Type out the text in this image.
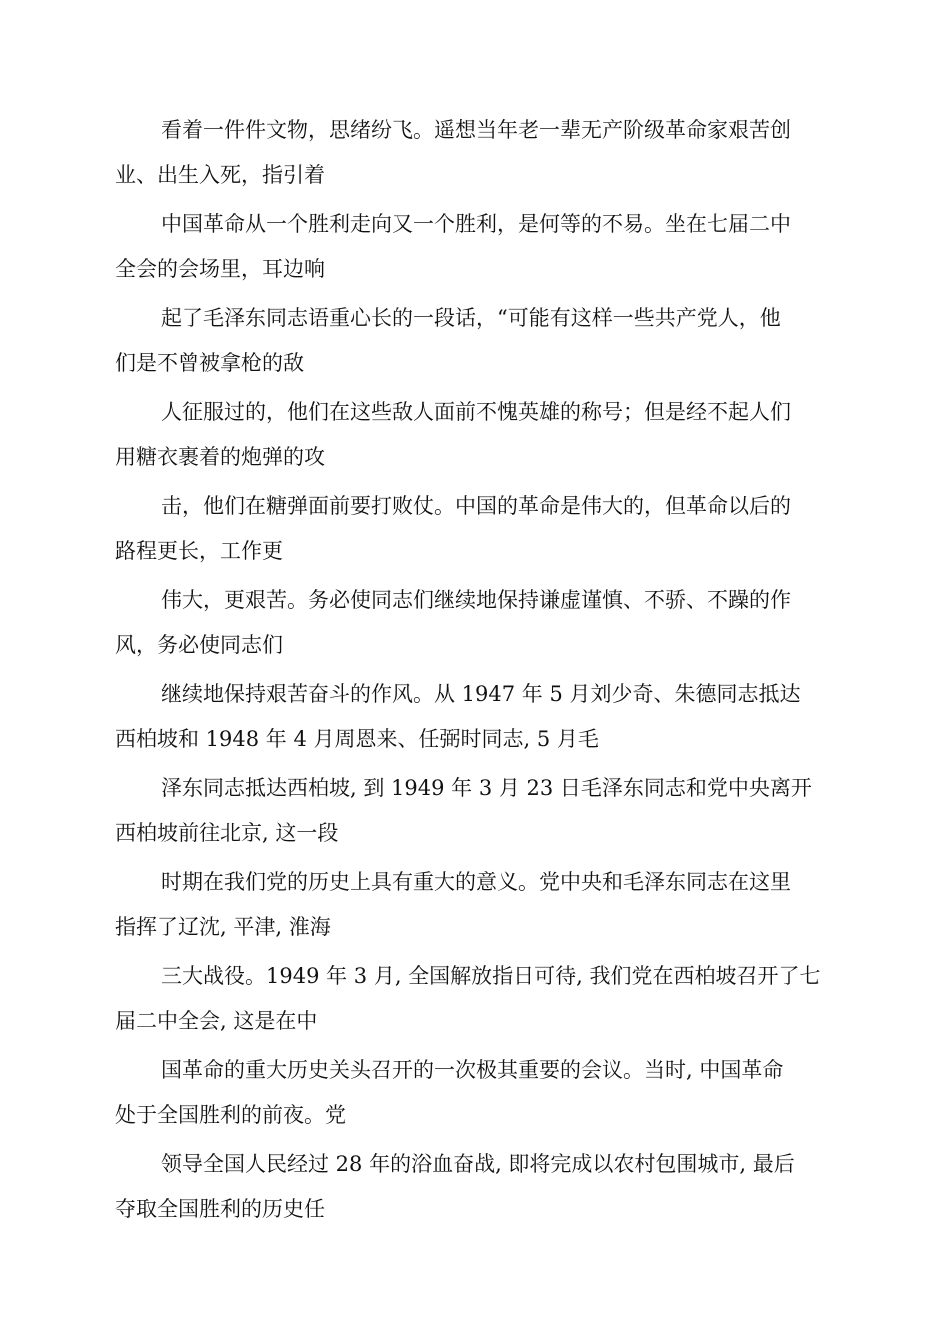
看着一件件文物，思绪纷飞。遥想当年老一辈无产阶级革命家艰苦创
业、出生入死，指引着

中国革命从一个胜利走向又一个胜利，是何等的不易。坐在七届二中
全会的会场里，耳边响

起了毛泽东同志语重心长的一段话，“可能有这样一些共产党人，他
们是不曾被拿枪的敌

人征服过的，他们在这些敌人面前不愧英雄的称号；但是经不起人们
用糖衣裹着的炮弹的攻

击，他们在糖弹面前要打败仗。中国的革命是伟大的，但革命以后的
路程更长，工作更

伟大，更艰苦。务必使同志们继续地保持谦虚谨慎、不骄、不躁的作
风，务必使同志们

继续地保持艰苦奋斗的作风。从 1947 年 5 月刘少奇、朱德同志抵达
西柏坡和 1948 年 4 月周恩来、任弼时同志, 5 月毛

泽东同志抵达西柏坡, 到 1949 年 3 月 23 日毛泽东同志和党中央离开
西柏坡前往北京, 这一段

时期在我们党的历史上具有重大的意义。党中央和毛泽东同志在这里
指挥了辽沈, 平津, 淮海

三大战役。1949 年 3 月, 全国解放指日可待, 我们党在西柏坡召开了七
届二中全会, 这是在中

国革命的重大历史关头召开的一次极其重要的会议。当时, 中国革命
处于全国胜利的前夜。党

领导全国人民经过 28 年的浴血奋战, 即将完成以农村包围城市, 最后
夺取全国胜利的历史任
